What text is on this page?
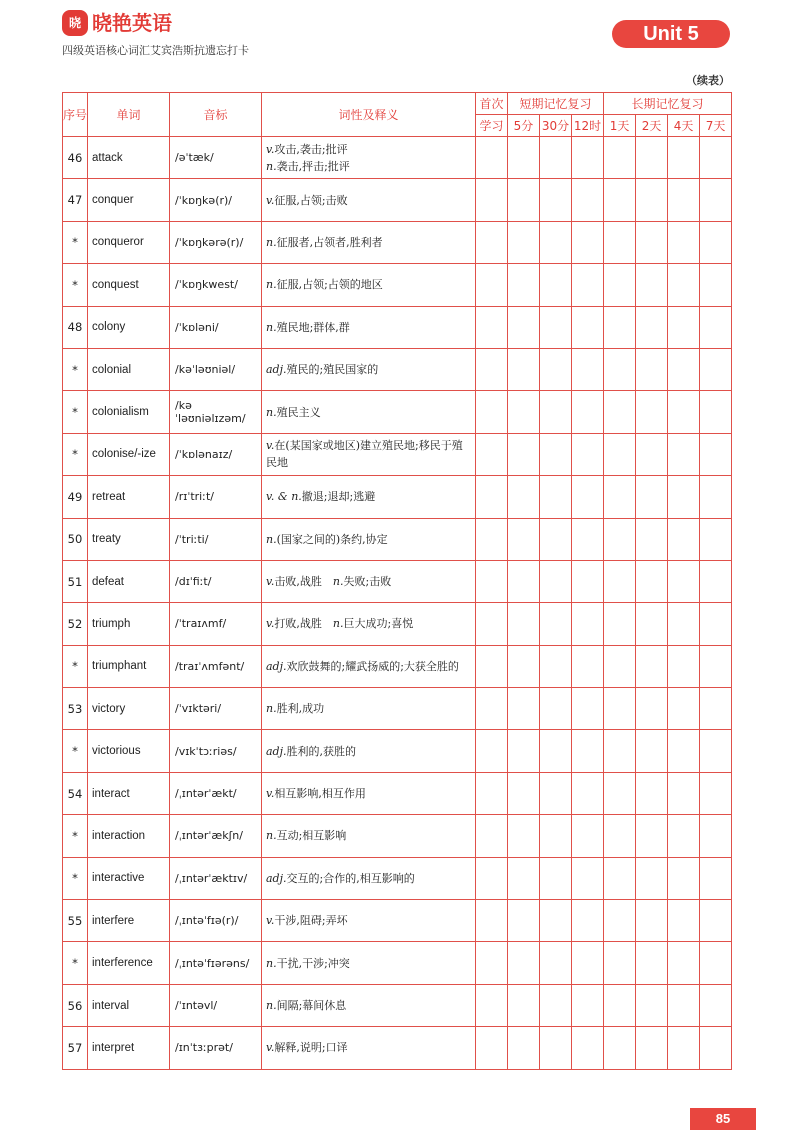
晓 晓艳英语
四级英语核心词汇艾宾浩斯抗遗忘打卡
Unit 5
（续表）
序号	单词	音标	词性及释义	首次	短期记忆复习			长期记忆复习			
				学习	5分	30分	12时	1天	2天	4天	7天
46	attack	/əˈtæk/	v.攻击,袭击;批评
n.袭击,抨击;批评								
47	conquer	/ˈkɒŋkə(r)/	v.征服,占领;击败								
*	conqueror	/ˈkɒŋkərə(r)/	n.征服者,占领者,胜利者								
*	conquest	/ˈkɒŋkwest/	n.征服,占领;占领的地区								
48	colony	/ˈkɒləni/	n.殖民地;群体,群								
*	colonial	/kəˈləʊniəl/	adj.殖民的;殖民国家的								
*	colonialism	/kəˈləʊniəlɪzəm/	n.殖民主义								
*	colonise/-ize	/ˈkɒlənaɪz/	v.在(某国家或地区)建立殖民地;移民于殖民地								
49	retreat	/rɪˈtriːt/	v. & n.撤退;退却;逃避								
50	treaty	/ˈtriːti/	n.(国家之间的)条约,协定								
51	defeat	/dɪˈfiːt/	v.击败,战胜  n.失败;击败								
52	triumph	/ˈtraɪʌmf/	v.打败,战胜  n.巨大成功;喜悦								
*	triumphant	/traɪˈʌmfənt/	adj.欢欣鼓舞的;耀武扬威的;大获全胜的								
53	victory	/ˈvɪktəri/	n.胜利,成功								
*	victorious	/vɪkˈtɔːriəs/	adj.胜利的,获胜的								
54	interact	/ˌɪntərˈækt/	v.相互影响,相互作用								
*	interaction	/ˌɪntərˈækʃn/	n.互动;相互影响								
*	interactive	/ˌɪntərˈæktɪv/	adj.交互的;合作的,相互影响的								
55	interfere	/ˌɪntəˈfɪə(r)/	v.干涉,阻碍;弄坏								
*	interference	/ˌɪntəˈfɪərəns/	n.干扰,干涉;冲突								
56	interval	/ˈɪntəvl/	n.间隔;幕间休息								
57	interpret	/ɪnˈtɜːprət/	v.解释,说明;口译								
85
